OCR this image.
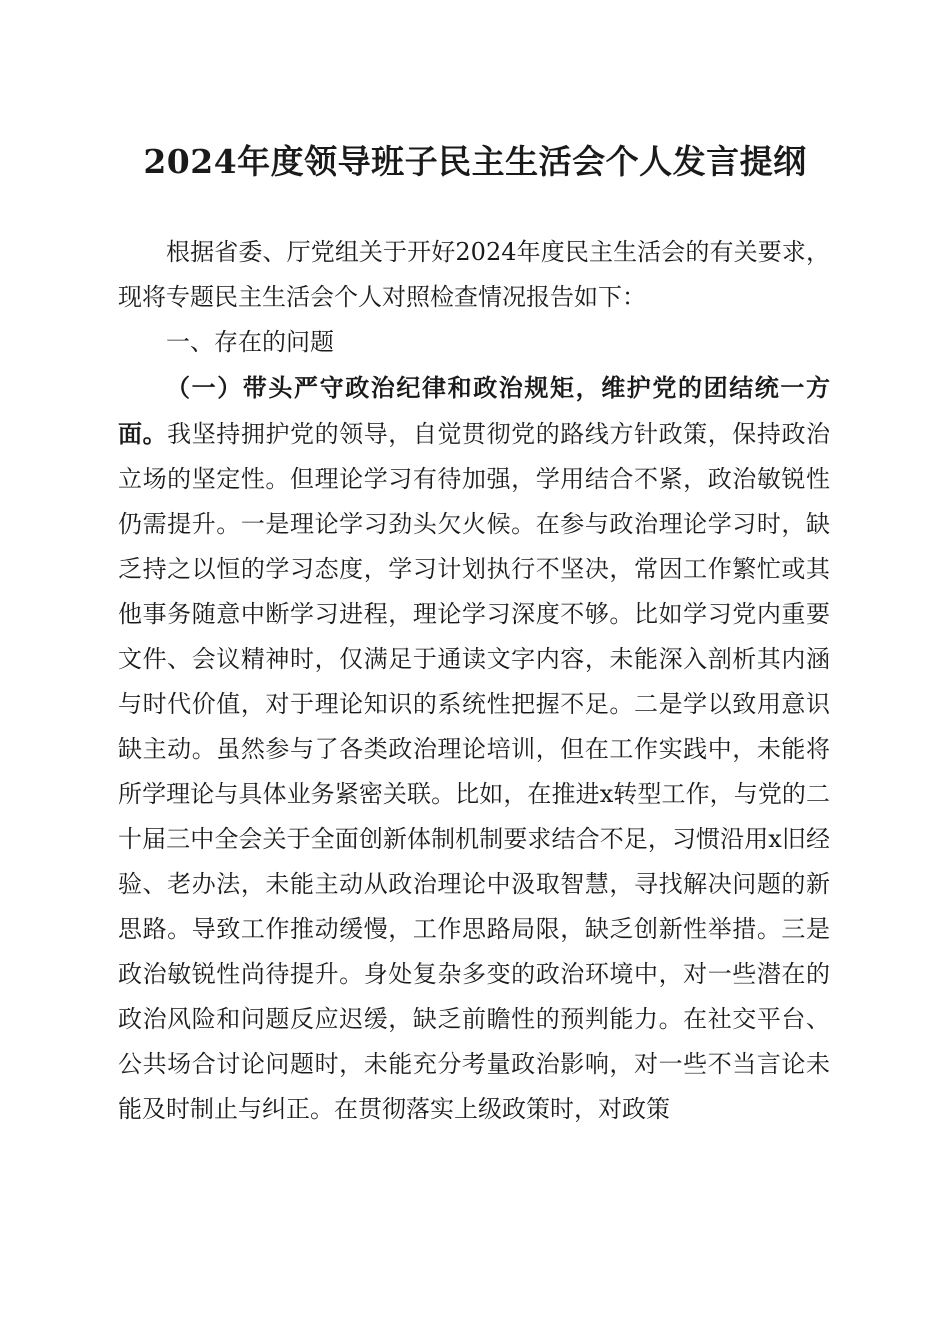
2024年度领导班子民主生活会个人发言提纲

根据省委、厅党组关于开好2024年度民主生活会的有关要求，现将专题民主生活会个人对照检查情况报告如下：

一、存在的问题

（一）带头严守政治纪律和政治规矩，维护党的团结统一方面。我坚持拥护党的领导，自觉贯彻党的路线方针政策，保持政治立场的坚定性。但理论学习有待加强，学用结合不紧，政治敏锐性仍需提升。一是理论学习劲头欠火候。在参与政治理论学习时，缺乏持之以恒的学习态度，学习计划执行不坚决，常因工作繁忙或其他事务随意中断学习进程，理论学习深度不够。比如学习党内重要文件、会议精神时，仅满足于通读文字内容，未能深入剖析其内涵与时代价值，对于理论知识的系统性把握不足。二是学以致用意识缺主动。虽然参与了各类政治理论培训，但在工作实践中，未能将所学理论与具体业务紧密关联。比如，在推进x转型工作，与党的二十届三中全会关于全面创新体制机制要求结合不足，习惯沿用x旧经验、老办法，未能主动从政治理论中汲取智慧，寻找解决问题的新思路。导致工作推动缓慢，工作思路局限，缺乏创新性举措。三是政治敏锐性尚待提升。身处复杂多变的政治环境中，对一些潜在的政治风险和问题反应迟缓，缺乏前瞻性的预判能力。在社交平台、公共场合讨论问题时，未能充分考量政治影响，对一些不当言论未能及时制止与纠正。在贯彻落实上级政策时，对政策
